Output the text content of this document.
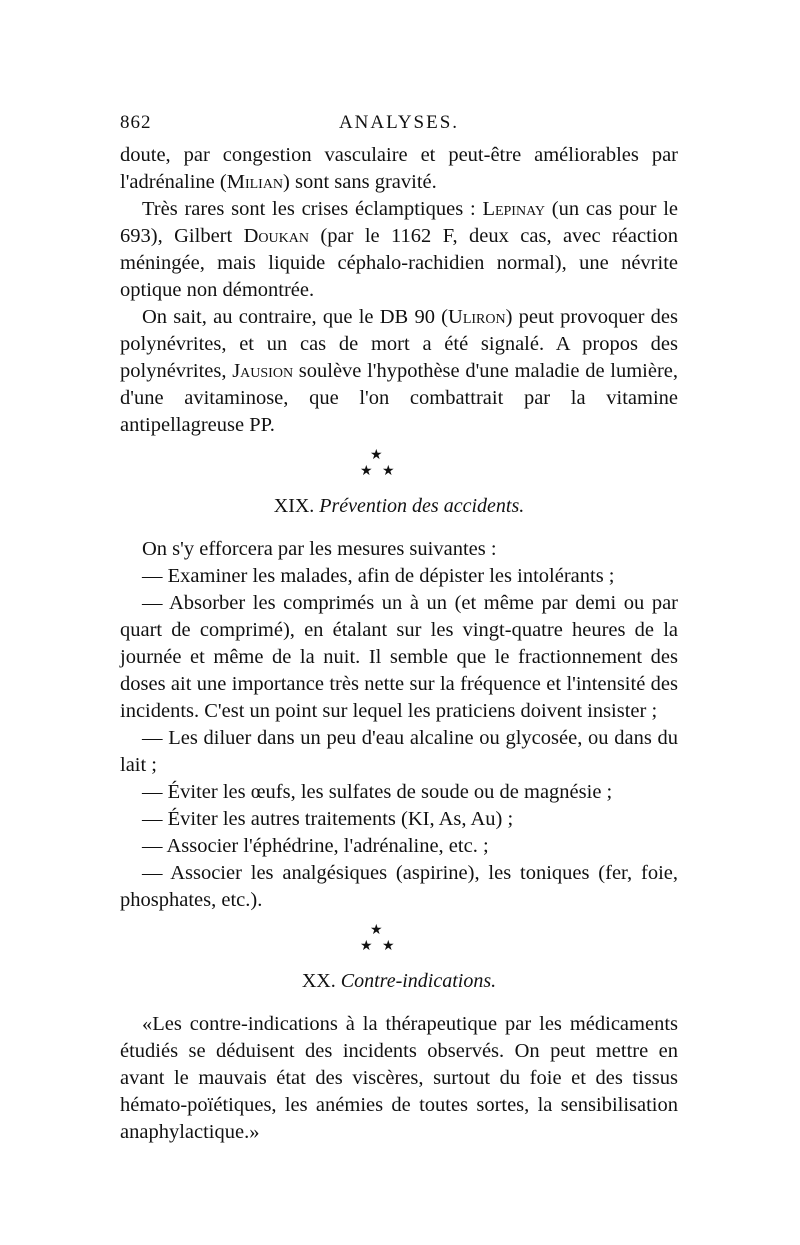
862	ANALYSES.

doute, par congestion vasculaire et peut-être améliorables par l'adrénaline (Milian) sont sans gravité.

Très rares sont les crises éclamptiques : Lepinay (un cas pour le 693), Gilbert Doukan (par le 1162 F, deux cas, avec réaction méningée, mais liquide céphalo-rachidien normal), une névrite optique non démontrée.

On sait, au contraire, que le DB 90 (Uliron) peut provoquer des polynévrites, et un cas de mort a été signalé. A propos des polynévrites, Jausion soulève l'hypothèse d'une maladie de lumière, d'une avitaminose, que l'on combattrait par la vitamine antipellagreuse PP.

★
★ ★
XIX. Prévention des accidents.

On s'y efforcera par les mesures suivantes :

— Examiner les malades, afin de dépister les intolérants ;

— Absorber les comprimés un à un (et même par demi ou par quart de comprimé), en étalant sur les vingt-quatre heures de la journée et même de la nuit. Il semble que le fractionnement des doses ait une importance très nette sur la fréquence et l'intensité des incidents. C'est un point sur lequel les praticiens doivent insister ;

— Les diluer dans un peu d'eau alcaline ou glycosée, ou dans du lait ;

— Éviter les œufs, les sulfates de soude ou de magnésie ;

— Éviter les autres traitements (KI, As, Au) ;

— Associer l'éphédrine, l'adrénaline, etc. ;

— Associer les analgésiques (aspirine), les toniques (fer, foie, phosphates, etc.).

★
★ ★
XX. Contre-indications.

«Les contre-indications à la thérapeutique par les médicaments étudiés se déduisent des incidents observés. On peut mettre en avant le mauvais état des viscères, surtout du foie et des tissus hémato-poïétiques, les anémies de toutes sortes, la sensibilisation anaphylactique.»
